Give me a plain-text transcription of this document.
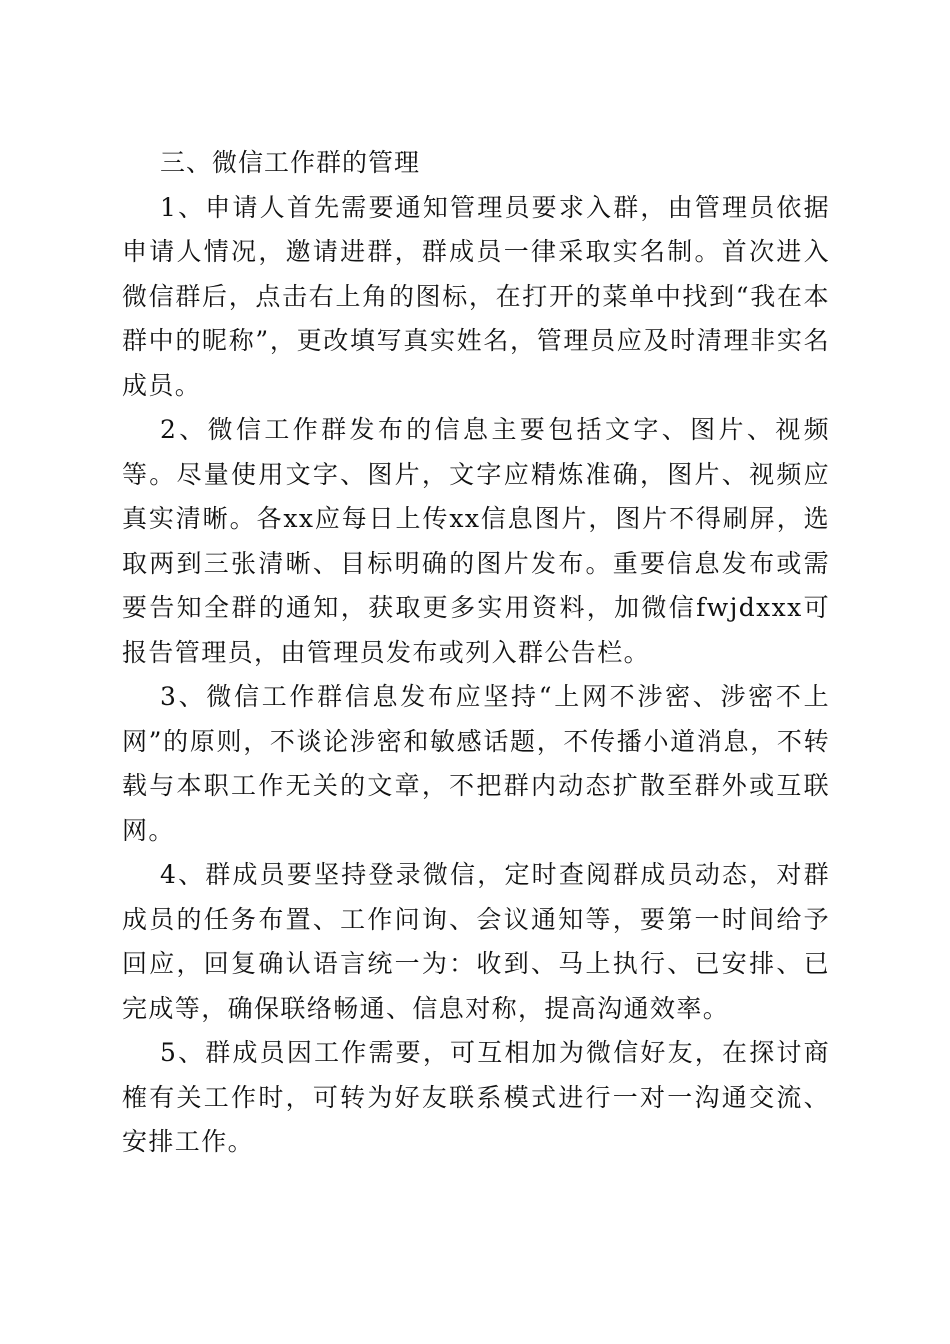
三、微信工作群的管理

1、申请人首先需要通知管理员要求入群，由管理员依据申请人情况，邀请进群，群成员一律采取实名制。首次进入微信群后，点击右上角的图标，在打开的菜单中找到“我在本群中的昵称”，更改填写真实姓名，管理员应及时清理非实名成员。

2、微信工作群发布的信息主要包括文字、图片、视频等。尽量使用文字、图片，文字应精炼准确，图片、视频应真实清晰。各xx应每日上传xx信息图片，图片不得刷屏，选取两到三张清晰、目标明确的图片发布。重要信息发布或需要告知全群的通知，获取更多实用资料，加微信fwjdxxx可报告管理员，由管理员发布或列入群公告栏。

3、微信工作群信息发布应坚持“上网不涉密、涉密不上网”的原则，不谈论涉密和敏感话题，不传播小道消息，不转载与本职工作无关的文章，不把群内动态扩散至群外或互联网。

4、群成员要坚持登录微信，定时查阅群成员动态，对群成员的任务布置、工作问询、会议通知等，要第一时间给予回应，回复确认语言统一为：收到、马上执行、已安排、已完成等，确保联络畅通、信息对称，提高沟通效率。

5、群成员因工作需要，可互相加为微信好友，在探讨商榷有关工作时，可转为好友联系模式进行一对一沟通交流、安排工作。
